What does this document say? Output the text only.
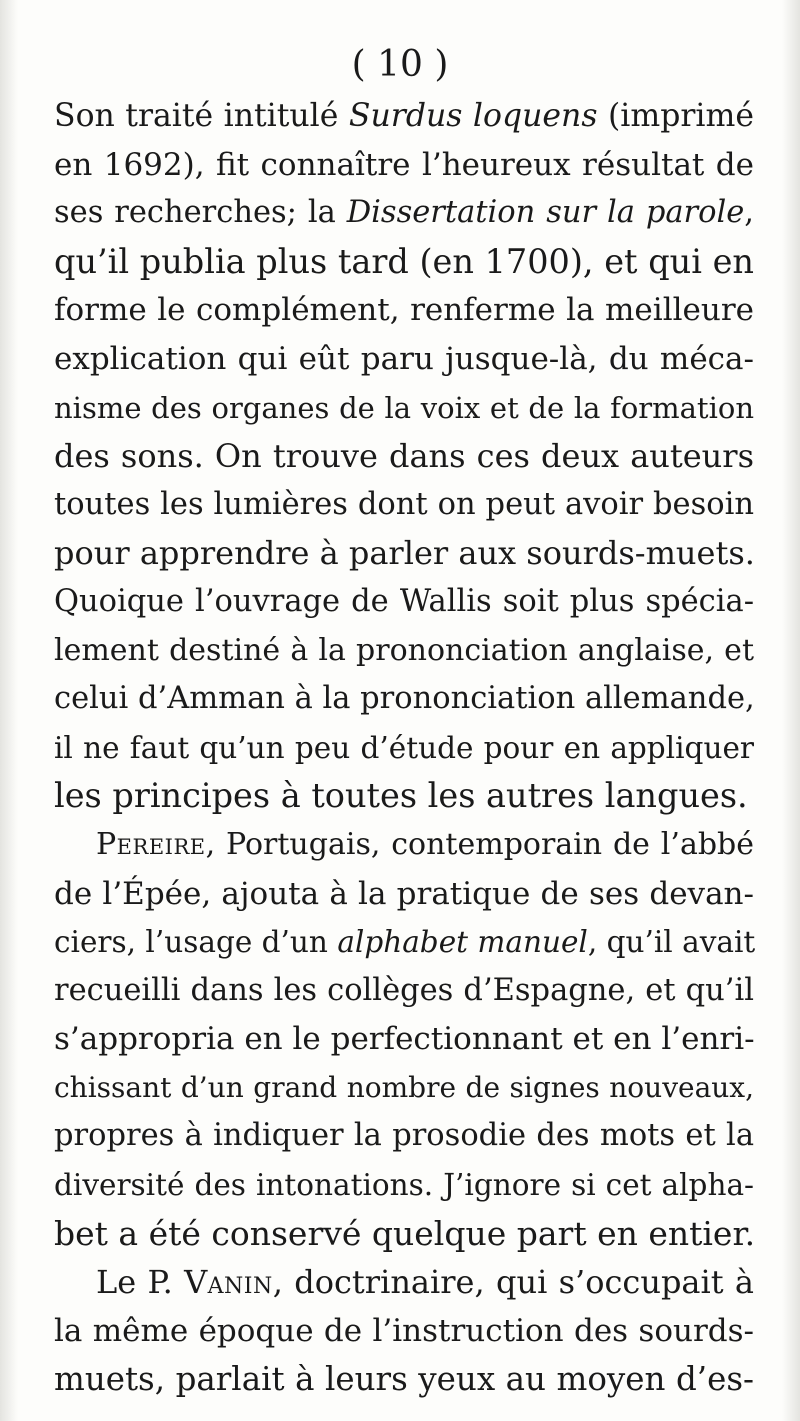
( 10 )
Son traité intitulé Surdus loquens (imprimé
en 1692), fit connaître l’heureux résultat de
ses recherches; la Dissertation sur la parole,
qu’il publia plus tard (en 1700), et qui en
forme le complément, renferme la meilleure
explication qui eût paru jusque-là, du méca-
nisme des organes de la voix et de la formation
des sons. On trouve dans ces deux auteurs
toutes les lumières dont on peut avoir besoin
pour apprendre à parler aux sourds-muets.
Quoique l’ouvrage de Wallis soit plus spécia-
lement destiné à la prononciation anglaise, et
celui d’Amman à la prononciation allemande,
il ne faut qu’un peu d’étude pour en appliquer
les principes à toutes les autres langues.
Pereire, Portugais, contemporain de l’abbé
de l’Épée, ajouta à la pratique de ses devan-
ciers, l’usage d’un alphabet manuel, qu’il avait
recueilli dans les collèges d’Espagne, et qu’il
s’appropria en le perfectionnant et en l’enri-
chissant d’un grand nombre de signes nouveaux,
propres à indiquer la prosodie des mots et la
diversité des intonations. J’ignore si cet alpha-
bet a été conservé quelque part en entier.
Le P. Vanin, doctrinaire, qui s’occupait à
la même époque de l’instruction des sourds-
muets, parlait à leurs yeux au moyen d’es-
